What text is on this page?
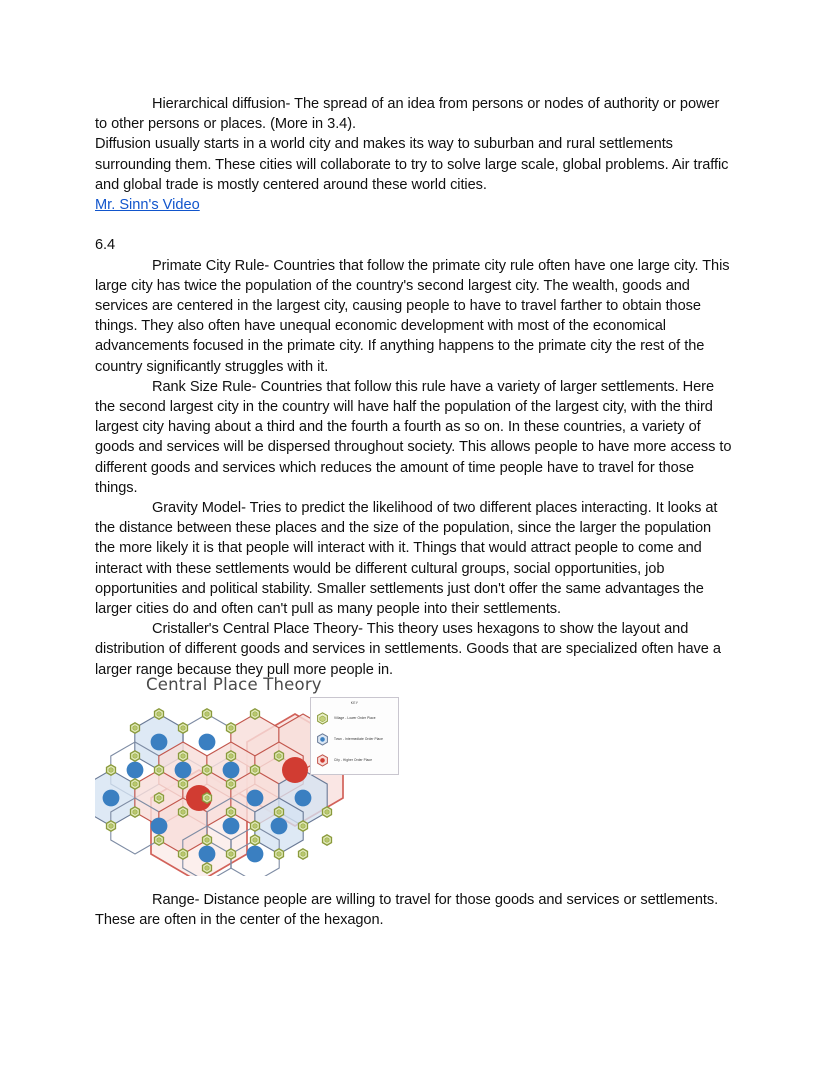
Hierarchical diffusion- The spread of an idea from persons or nodes of authority or power to other persons or places. (More in 3.4).

Diffusion usually starts in a world city and makes its way to suburban and rural settlements surrounding them. These cities will collaborate to try to solve large scale, global problems. Air traffic and global trade is mostly centered around these world cities.

Mr. Sinn's Video

6.4

Primate City Rule- Countries that follow the primate city rule often have one large city. This large city has twice the population of the country's second largest city. The wealth, goods and services are centered in the largest city, causing people to have to travel farther to obtain those things. They also often have unequal economic development with most of the economical advancements focused in the primate city. If anything happens to the primate city the rest of the country significantly struggles with it.

Rank Size Rule- Countries that follow this rule have a variety of larger settlements. Here the second largest city in the country will have half the population of the largest city, with the third largest city having about a third and the fourth a fourth as so on. In these countries, a variety of goods and services will be dispersed throughout society. This allows people to have more access to different goods and services which reduces the amount of time people have to travel for those things.

Gravity Model- Tries to predict the likelihood of two different places interacting. It looks at the distance between these places and the size of the population, since the larger the population the more likely it is that people will interact with it. Things that would attract people to come and interact with these settlements would be different cultural groups, social opportunities, job opportunities and political stability. Smaller settlements just don't offer the same advantages the larger cities do and often can't pull as many people into their settlements.

Cristaller's Central Place Theory- This theory uses hexagons to show the layout and distribution of different goods and services in settlements. Goods that are specialized often have a larger range because they pull more people in.

Central Place Theory
KEY
Village - Lower Order Place
Town - Intermediate Order Place
City - Higher Order Place

Range- Distance people are willing to travel for those goods and services or settlements. These are often in the center of the hexagon.
